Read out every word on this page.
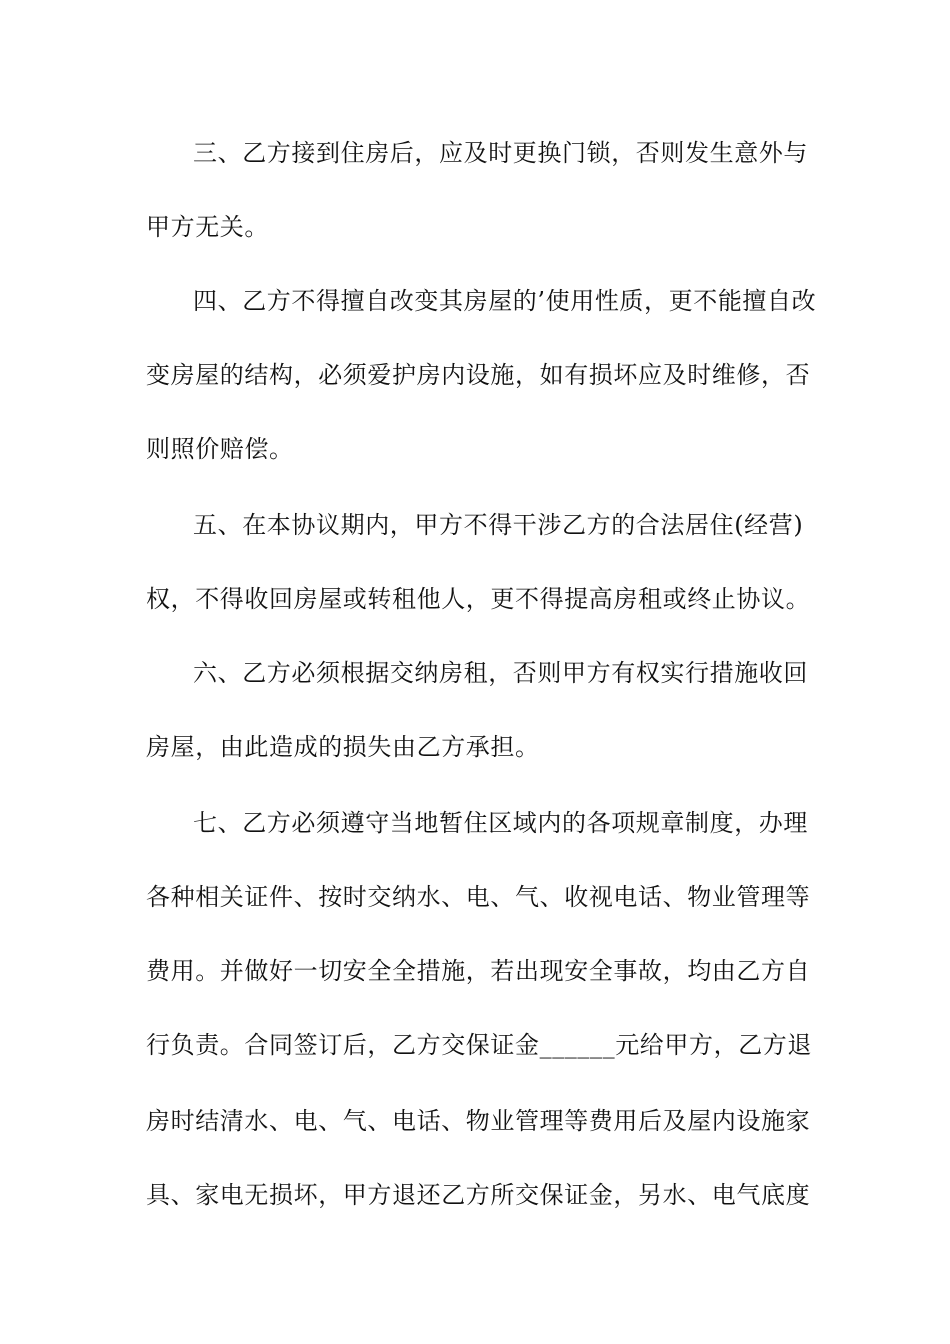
三、乙方接到住房后，应及时更换门锁，否则发生意外与
甲方无关。
四、乙方不得擅自改变其房屋的’使用性质，更不能擅自改
变房屋的结构，必须爱护房内设施，如有损坏应及时维修，否
则照价赔偿。
五、在本协议期内，甲方不得干涉乙方的合法居住(经营)
权，不得收回房屋或转租他人，更不得提高房租或终止协议。
六、乙方必须根据交纳房租，否则甲方有权实行措施收回
房屋，由此造成的损失由乙方承担。
七、乙方必须遵守当地暂住区域内的各项规章制度，办理
各种相关证件、按时交纳水、电、气、收视电话、物业管理等
费用。并做好一切安全全措施，若出现安全事故，均由乙方自
行负责。合同签订后，乙方交保证金______元给甲方，乙方退
房时结清水、电、气、电话、物业管理等费用后及屋内设施家
具、家电无损坏，甲方退还乙方所交保证金，另水、电气底度
